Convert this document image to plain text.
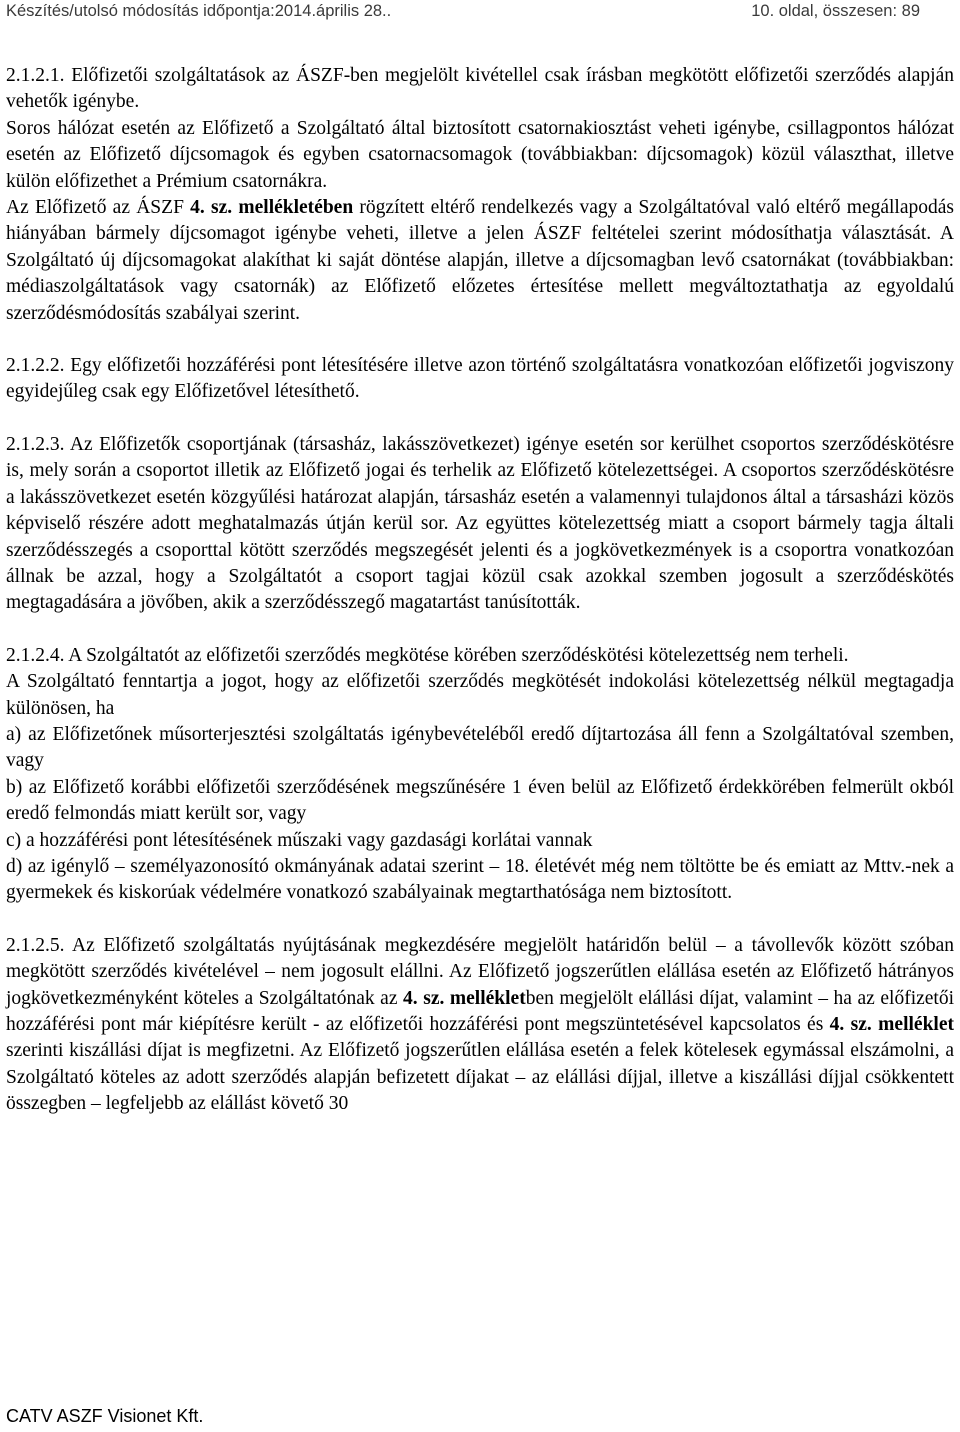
Készítés/utolsó módosítás időpontja:2014.április 28..	10. oldal, összesen: 89

2.1.2.1. Előfizetői szolgáltatások az ÁSZF-ben megjelölt kivétellel csak írásban megkötött előfizetői szerződés alapján vehetők igénybe.

Soros hálózat esetén az Előfizető a Szolgáltató által biztosított csatornakiosztást veheti igénybe, csillagpontos hálózat esetén az Előfizető díjcsomagok és egyben csatornacsomagok (továbbiakban: díjcsomagok) közül választhat, illetve külön előfizethet a Prémium csatornákra.

Az Előfizető az ÁSZF 4. sz. mellékletében rögzített eltérő rendelkezés vagy a Szolgáltatóval való eltérő megállapodás hiányában bármely díjcsomagot igénybe veheti, illetve a jelen ÁSZF feltételei szerint módosíthatja választását. A Szolgáltató új díjcsomagokat alakíthat ki saját döntése alapján, illetve a díjcsomagban levő csatornákat (továbbiakban: médiaszolgáltatások vagy csatornák) az Előfizető előzetes értesítése mellett megváltoztathatja az egyoldalú szerződésmódosítás szabályai szerint.

2.1.2.2. Egy előfizetői hozzáférési pont létesítésére illetve azon történő szolgáltatásra vonatkozóan előfizetői jogviszony egyidejűleg csak egy Előfizetővel létesíthető.

2.1.2.3. Az Előfizetők csoportjának (társasház, lakásszövetkezet) igénye esetén sor kerülhet csoportos szerződéskötésre is, mely során a csoportot illetik az Előfizető jogai és terhelik az Előfizető kötelezettségei. A csoportos szerződéskötésre a lakásszövetkezet esetén közgyűlési határozat alapján, társasház esetén a valamennyi tulajdonos által a társasházi közös képviselő részére adott meghatalmazás útján kerül sor. Az együttes kötelezettség miatt a csoport bármely tagja általi szerződésszegés a csoporttal kötött szerződés megszegését jelenti és a jogkövetkezmények is a csoportra vonatkozóan állnak be azzal, hogy a Szolgáltatót a csoport tagjai közül csak azokkal szemben jogosult a szerződéskötés megtagadására a jövőben, akik a szerződésszegő magatartást tanúsították.

2.1.2.4. A Szolgáltatót az előfizetői szerződés megkötése körében szerződéskötési kötelezettség nem terheli.

A Szolgáltató fenntartja a jogot, hogy az előfizetői szerződés megkötését indokolási kötelezettség nélkül megtagadja különösen, ha

a) az Előfizetőnek műsorterjesztési szolgáltatás igénybevételéből eredő díjtartozása áll fenn a Szolgáltatóval szemben, vagy

b) az Előfizető korábbi előfizetői szerződésének megszűnésére 1 éven belül az Előfizető érdekkörében felmerült okból eredő felmondás miatt került sor, vagy

c) a hozzáférési pont létesítésének műszaki vagy gazdasági korlátai vannak

d) az igénylő – személyazonosító okmányának adatai szerint – 18. életévét még nem töltötte be és emiatt az Mttv.-nek a gyermekek és kiskorúak védelmére vonatkozó szabályainak megtarthatósága nem biztosított.

2.1.2.5. Az Előfizető szolgáltatás nyújtásának megkezdésére megjelölt határidőn belül – a távollevők között szóban megkötött szerződés kivételével – nem jogosult elállni. Az Előfizető jogszerűtlen elállása esetén az Előfizető hátrányos jogkövetkezményként köteles a Szolgáltatónak az 4. sz. mellékletben megjelölt elállási díjat, valamint – ha az előfizetői hozzáférési pont már kiépítésre került - az előfizetői hozzáférési pont megszüntetésével kapcsolatos és 4. sz. melléklet szerinti kiszállási díjat is megfizetni. Az Előfizető jogszerűtlen elállása esetén a felek kötelesek egymással elszámolni, a Szolgáltató köteles az adott szerződés alapján befizetett díjakat – az elállási díjjal, illetve a kiszállási díjjal csökkentett összegben – legfeljebb az elállást követő 30

CATV ASZF Visionet Kft.
